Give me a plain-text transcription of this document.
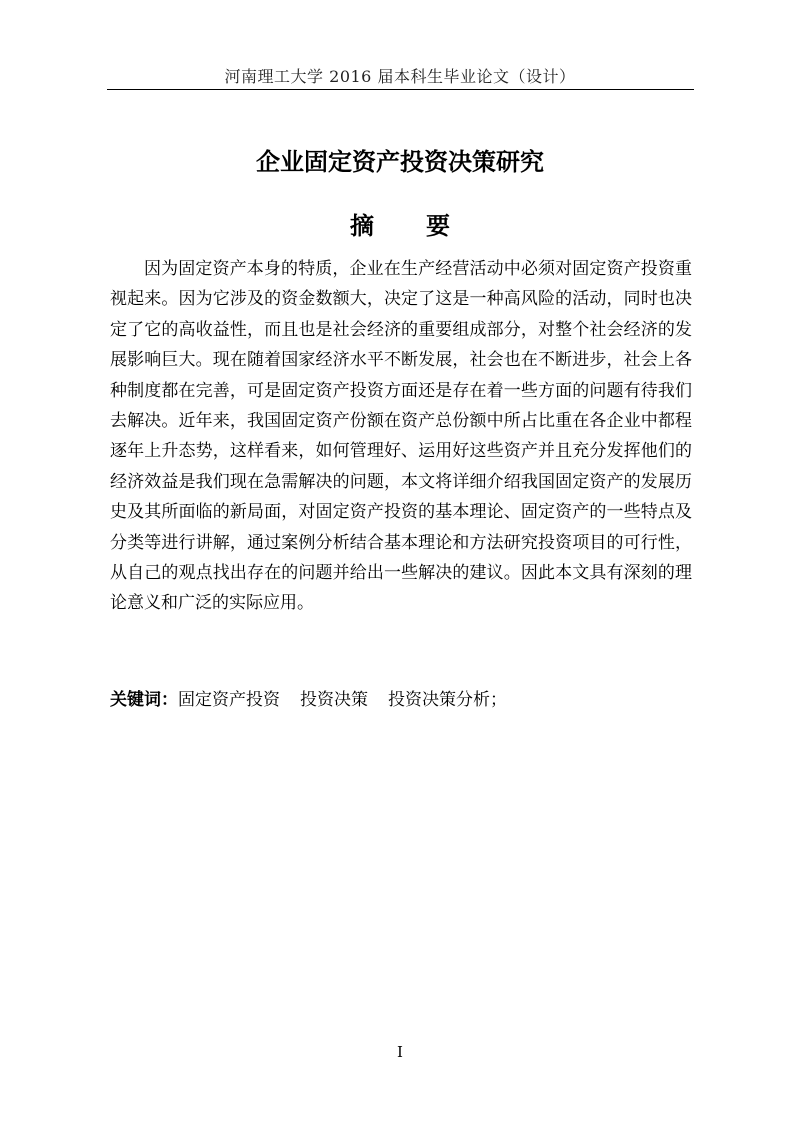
河南理工大学 2016 届本科生毕业论文（设计）
企业固定资产投资决策研究
摘 要

因为固定资产本身的特质，企业在生产经营活动中必须对固定资产投资重视起来。因为它涉及的资金数额大，决定了这是一种高风险的活动，同时也决定了它的高收益性，而且也是社会经济的重要组成部分，对整个社会经济的发展影响巨大。现在随着国家经济水平不断发展，社会也在不断进步，社会上各种制度都在完善，可是固定资产投资方面还是存在着一些方面的问题有待我们去解决。近年来，我国固定资产份额在资产总份额中所占比重在各企业中都程逐年上升态势，这样看来，如何管理好、运用好这些资产并且充分发挥他们的经济效益是我们现在急需解决的问题，本文将详细介绍我国固定资产的发展历史及其所面临的新局面，对固定资产投资的基本理论、固定资产的一些特点及分类等进行讲解，通过案例分析结合基本理论和方法研究投资项目的可行性，从自己的观点找出存在的问题并给出一些解决的建议。因此本文具有深刻的理论意义和广泛的实际应用。

关键词：固定资产投资 投资决策 投资决策分析；
I
